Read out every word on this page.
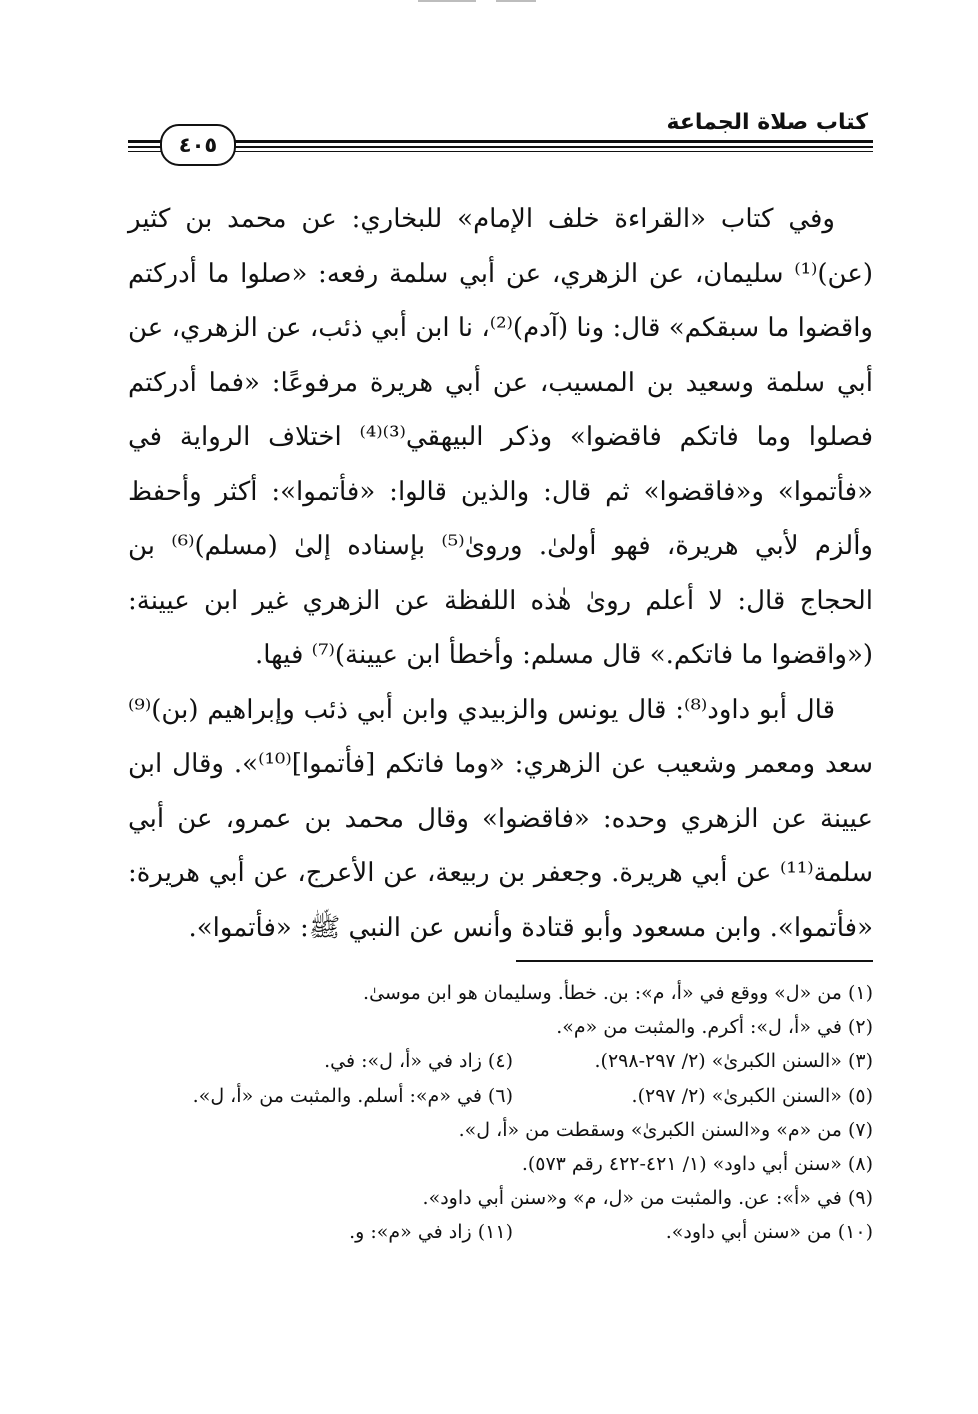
كتاب صلاة الجماعة
٤٠٥

وفي كتاب «القراءة خلف الإمام» للبخاري: عن محمد بن كثير (عن)⁽¹⁾ سليمان، عن الزهري، عن أبي سلمة رفعه: «صلوا ما أدركتم واقضوا ما سبقكم» قال: ونا (آدم)⁽²⁾، نا ابن أبي ذئب، عن الزهري، عن أبي سلمة وسعيد بن المسيب، عن أبي هريرة مرفوعًا: «فما أدركتم فصلوا وما فاتكم فاقضوا» وذكر البيهقي⁽³⁾⁽⁴⁾ اختلاف الرواية في «فأتموا» و«فاقضوا» ثم قال: والذين قالوا: «فأتموا»: أكثر وأحفظ وألزم لأبي هريرة، فهو أولىٰ. وروىٰ⁽⁵⁾ بإسناده إلىٰ (مسلم)⁽⁶⁾ بن الحجاج قال: لا أعلم روىٰ هٰذه اللفظة عن الزهري غير ابن عيينة: («واقضوا ما فاتكم.» قال مسلم: وأخطأ ابن عيينة)⁽⁷⁾ فيها.

قال أبو داود⁽⁸⁾: قال يونس والزبيدي وابن أبي ذئب وإبراهيم (بن)⁽⁹⁾ سعد ومعمر وشعيب عن الزهري: «وما فاتكم [فأتموا]⁽¹⁰⁾». وقال ابن عيينة عن الزهري وحده: «فاقضوا» وقال محمد بن عمرو، عن أبي سلمة⁽¹¹⁾ عن أبي هريرة. وجعفر بن ربيعة، عن الأعرج، عن أبي هريرة: «فأتموا». وابن مسعود وأبو قتادة وأنس عن النبي ﷺ: «فأتموا».

(١) من «ل» ووقع في «أ، م»: بن. خطأ. وسليمان هو ابن موسىٰ.
(٢) في «أ، ل»: أكرم. والمثبت من «م».
(٣) «السنن الكبرىٰ» (٢/ ٢٩٧-٢٩٨).
(٤) زاد في «أ، ل»: في.
(٥) «السنن الكبرىٰ» (٢/ ٢٩٧).
(٦) في «م»: أسلم. والمثبت من «أ، ل».
(٧) من «م» و«السنن الكبرىٰ» وسقطت من «أ، ل».
(٨) «سنن أبي داود» (١/ ٤٢١-٤٢٢ رقم ٥٧٣).
(٩) في «أ»: عن. والمثبت من «ل، م» و«سنن أبي داود».
(١٠) من «سنن أبي داود».
(١١) زاد في «م»: و.
